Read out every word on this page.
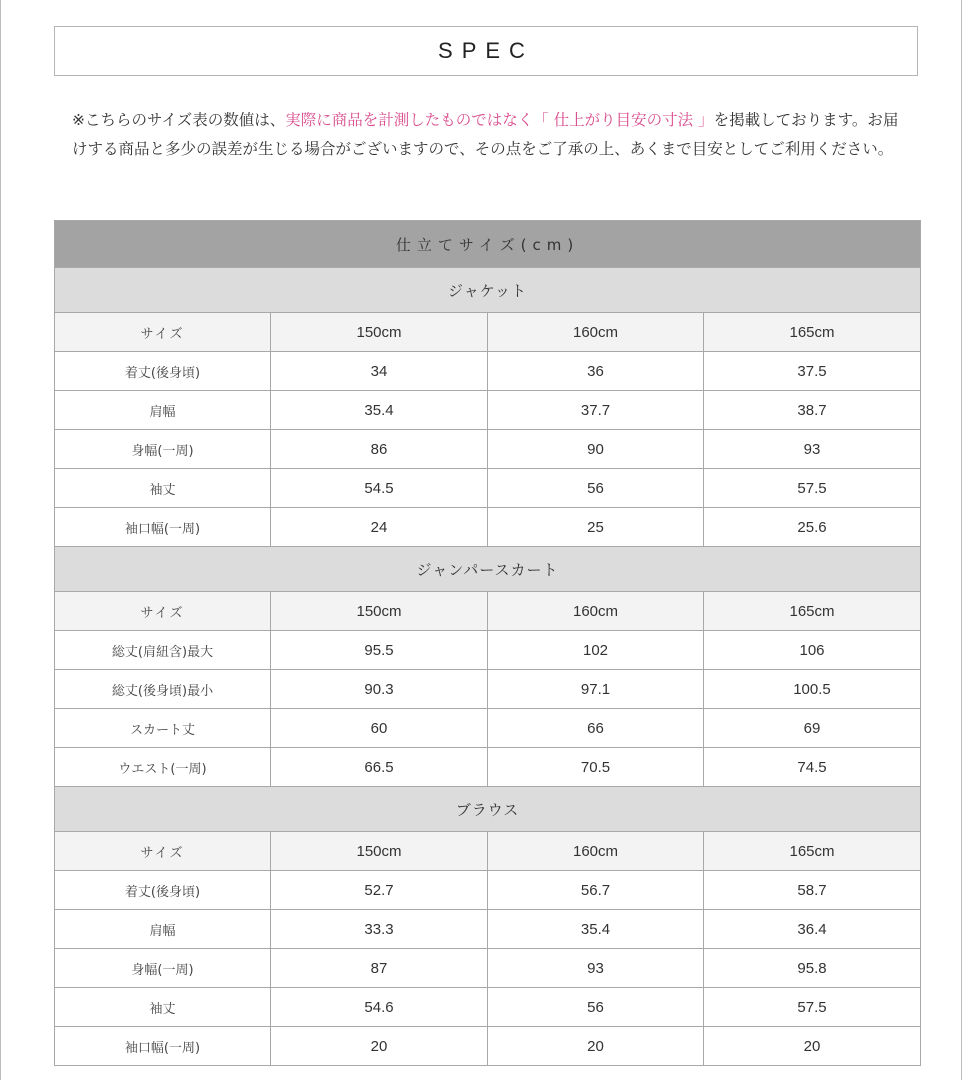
SPEC
※こちらのサイズ表の数値は、実際に商品を計測したものではなく「 仕上がり目安の寸法 」を掲載しております。お届けする商品と多少の誤差が生じる場合がございますので、その点をご了承の上、あくまで目安としてご利用ください。
仕立てサイズ(cm)			
ジャケット			
サイズ	150cm	160cm	165cm
着丈(後身頃)	34	36	37.5
肩幅	35.4	37.7	38.7
身幅(一周)	86	90	93
袖丈	54.5	56	57.5
袖口幅(一周)	24	25	25.6
ジャンパースカート			
サイズ	150cm	160cm	165cm
総丈(肩紐含)最大	95.5	102	106
総丈(後身頃)最小	90.3	97.1	100.5
スカート丈	60	66	69
ウエスト(一周)	66.5	70.5	74.5
ブラウス			
サイズ	150cm	160cm	165cm
着丈(後身頃)	52.7	56.7	58.7
肩幅	33.3	35.4	36.4
身幅(一周)	87	93	95.8
袖丈	54.6	56	57.5
袖口幅(一周)	20	20	20
